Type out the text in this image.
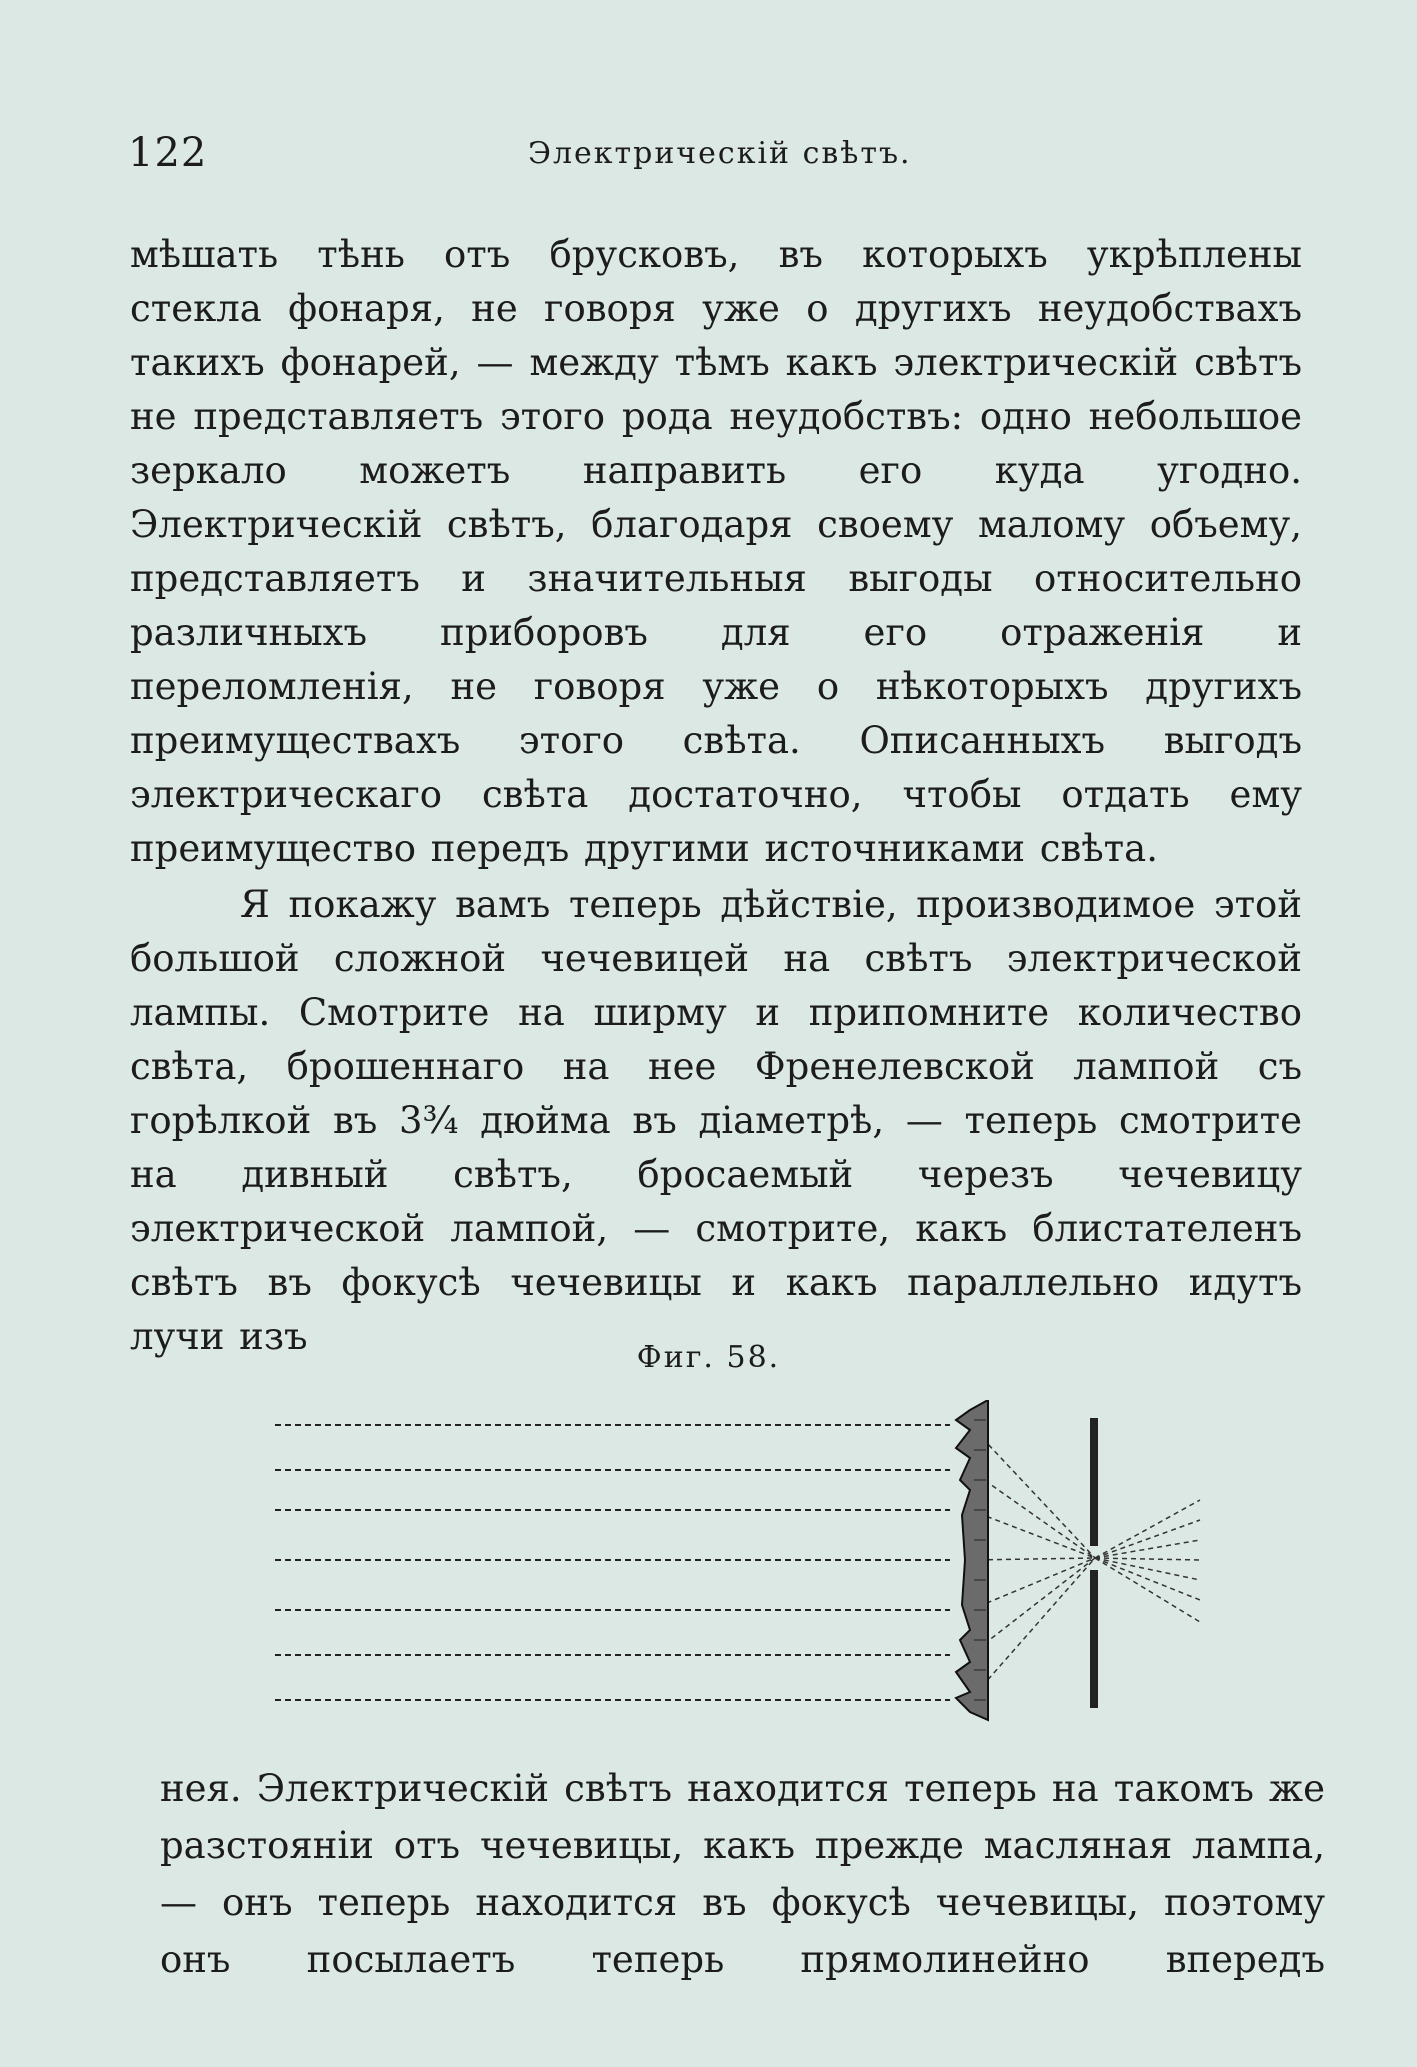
122	Электрическій свѣтъ.

мѣшать тѣнь отъ брусковъ, въ которыхъ укрѣплены стекла фонаря, не говоря уже о другихъ неудобствахъ такихъ фонарей, — между тѣмъ какъ электрическій свѣтъ не представляетъ этого рода неудобствъ: одно небольшое зеркало можетъ направить его куда угодно. Электрическій свѣтъ, благодаря своему малому объему, представляетъ и значительныя выгоды относительно различныхъ приборовъ для его отраженія и переломленія, не говоря уже о нѣкоторыхъ другихъ преимуществахъ этого свѣта. Описанныхъ выгодъ электрическаго свѣта достаточно, чтобы отдать ему преимущество передъ другими источниками свѣта.

Я покажу вамъ теперь дѣйствіе, производимое этой большой сложной чечевицей на свѣтъ электрической лампы. Смотрите на ширму и припомните количество свѣта, брошеннаго на нее Френелевской лампой съ горѣлкой въ 3¾ дюйма въ діаметрѣ, — теперь смотрите на дивный свѣтъ, бросаемый черезъ чечевицу электрической лампой, — смотрите, какъ блистателенъ свѣтъ въ фокусѣ чечевицы и какъ параллельно идутъ лучи изъ	Фиг. 58.

нея. Электрическій свѣтъ находится теперь на такомъ же разстояніи отъ чечевицы, какъ прежде масляная лампа, — онъ теперь находится въ фокусѣ чечевицы, поэтому онъ посылаетъ теперь прямолинейно впередъ
